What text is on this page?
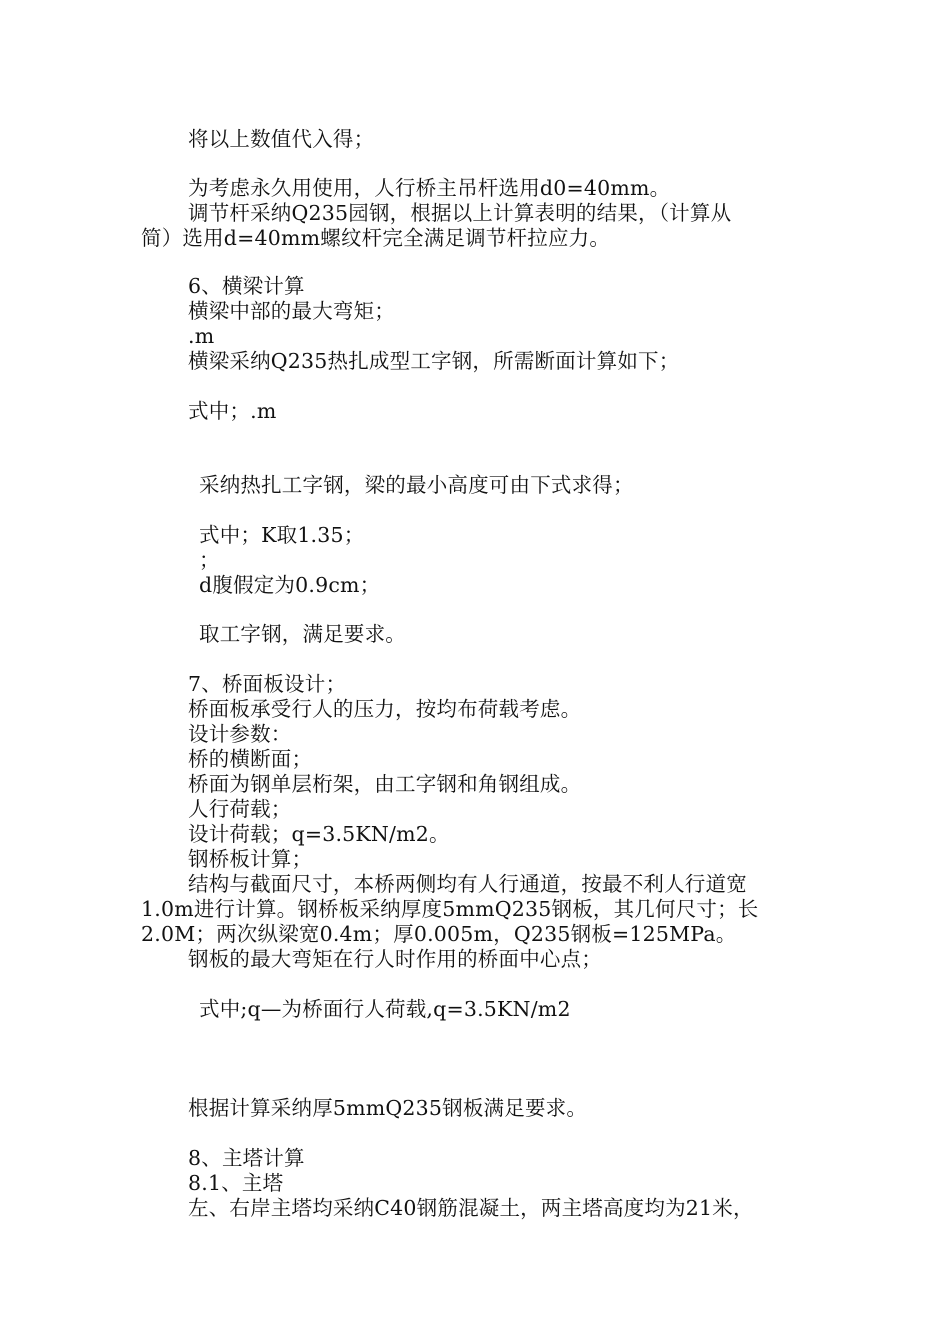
将以上数值代入得；
为考虑永久用使用，人行桥主吊杆选用d0=40mm。
调节杆采纳Q235园钢，根据以上计算表明的结果，（计算从
简）选用d=40mm螺纹杆完全满足调节杆拉应力。
6、横梁计算
横梁中部的最大弯矩；
.m
横梁采纳Q235热扎成型工字钢，所需断面计算如下；
式中；.m
采纳热扎工字钢，梁的最小高度可由下式求得；
式中；K取1.35；
；
d腹假定为0.9cm；
取工字钢，满足要求。
7、桥面板设计；
桥面板承受行人的压力，按均布荷载考虑。
设计参数：
桥的横断面；
桥面为钢单层桁架，由工字钢和角钢组成。
人行荷载；
设计荷载；q=3.5KN/m2。
钢桥板计算；
结构与截面尺寸，本桥两侧均有人行通道，按最不利人行道宽
1.0m进行计算。钢桥板采纳厚度5mmQ235钢板，其几何尺寸；长
2.0M；两次纵梁宽0.4m；厚0.005m，Q235钢板=125MPa。
钢板的最大弯矩在行人时作用的桥面中心点；
式中;q—为桥面行人荷载,q=3.5KN/m2
根据计算采纳厚5mmQ235钢板满足要求。
8、主塔计算
8.1、主塔
左、右岸主塔均采纳C40钢筋混凝土，两主塔高度均为21米，
